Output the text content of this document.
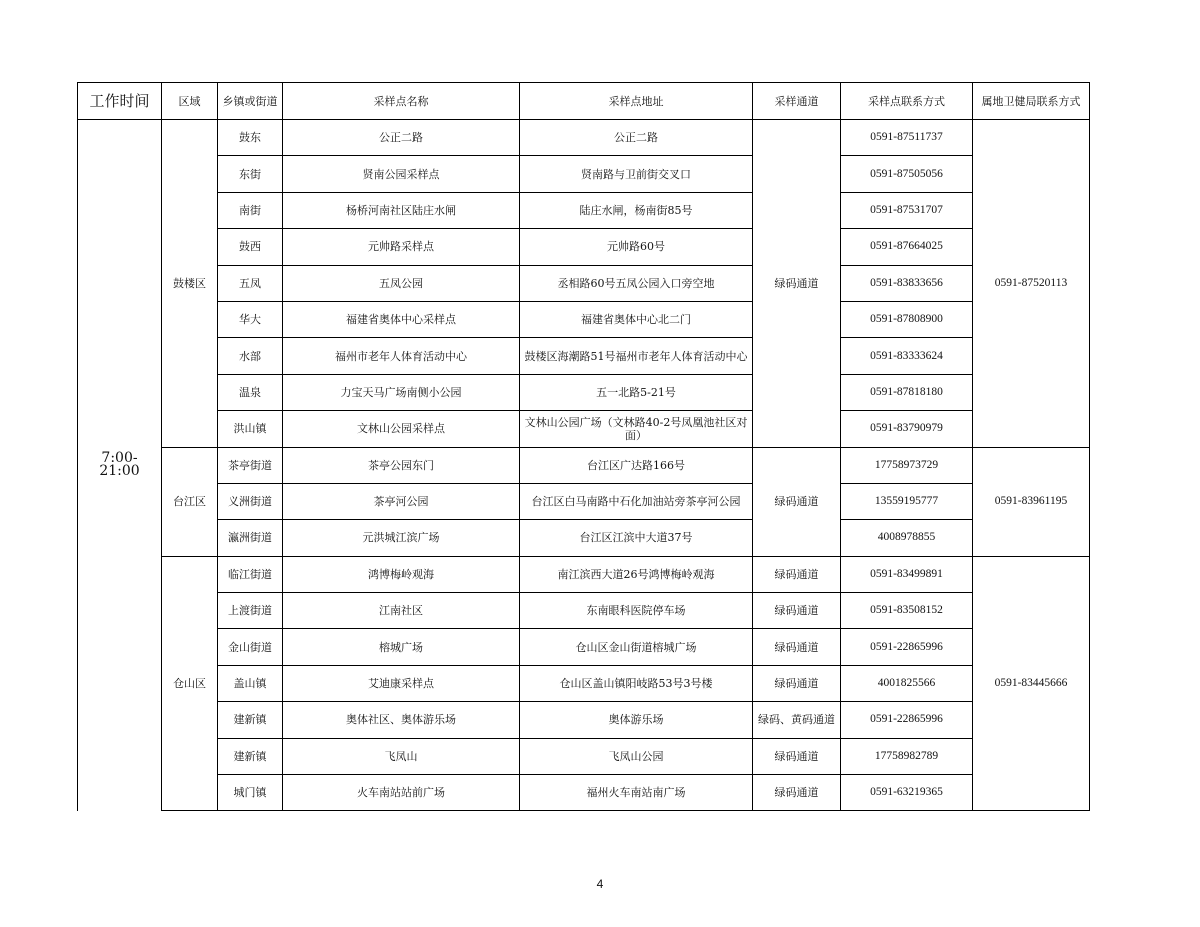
工作时间	区域	乡镇或街道	采样点名称	采样点地址	采样通道	采样点联系方式	属地卫健局联系方式
7:00-21:00	鼓楼区	鼓东	公正二路	公正二路	绿码通道	0591-87511737	0591-87520113
		东街	贤南公园采样点	贤南路与卫前街交叉口		0591-87505056	
		南街	杨桥河南社区陆庄水闸	陆庄水闸，杨南街85号		0591-87531707	
		鼓西	元帅路采样点	元帅路60号		0591-87664025	
		五凤	五凤公园	丞相路60号五凤公园入口旁空地		0591-83833656	
		华大	福建省奥体中心采样点	福建省奥体中心北二门		0591-87808900	
		水部	福州市老年人体育活动中心	鼓楼区海潮路51号福州市老年人体育活动中心		0591-83333624	
		温泉	力宝天马广场南侧小公园	五一北路5-21号		0591-87818180	
		洪山镇	文林山公园采样点	文林山公园广场（文林路40-2号凤凰池社区对面）		0591-83790979	
	台江区	茶亭街道	茶亭公园东门	台江区广达路166号	绿码通道	17758973729	0591-83961195
		义洲街道	茶亭河公园	台江区白马南路中石化加油站旁茶亭河公园		13559195777	
		瀛洲街道	元洪城江滨广场	台江区江滨中大道37号		4008978855	
	仓山区	临江街道	鸿博梅岭观海	南江滨西大道26号鸿博梅岭观海	绿码通道	0591-83499891	0591-83445666
		上渡街道	江南社区	东南眼科医院停车场	绿码通道	0591-83508152	
		金山街道	榕城广场	仓山区金山街道榕城广场	绿码通道	0591-22865996	
		盖山镇	艾迪康采样点	仓山区盖山镇阳岐路53号3号楼	绿码通道	4001825566	
		建新镇	奥体社区、奥体游乐场	奥体游乐场	绿码、黄码通道	0591-22865996	
		建新镇	飞凤山	飞凤山公园	绿码通道	17758982789	
		城门镇	火车南站站前广场	福州火车南站南广场	绿码通道	0591-63219365	
4
